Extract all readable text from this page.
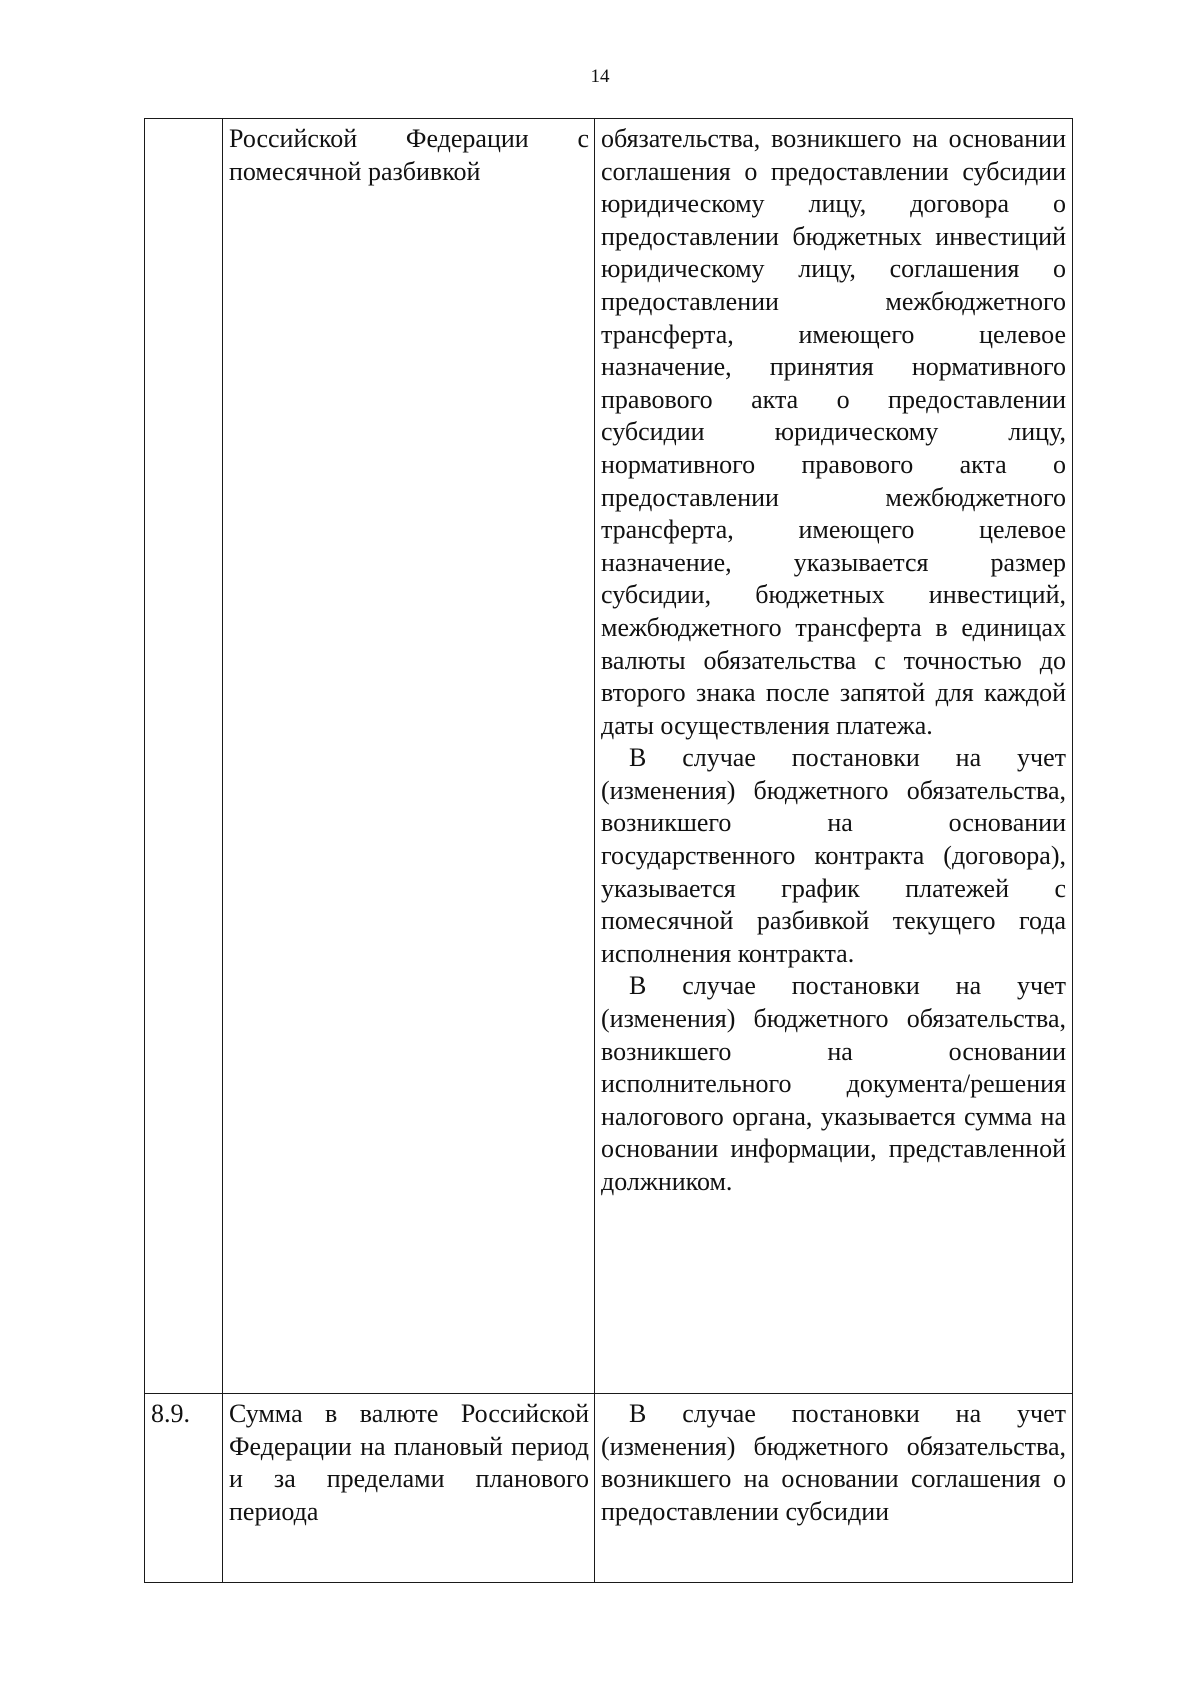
14
	Российской Федерации с помесячной разбивкой	обязательства, возникшего на основании соглашения о предоставлении субсидии юридическому лицу, договора о предоставлении бюджетных инвестиций юридическому лицу, соглашения о предоставлении межбюджетного трансферта, имеющего целевое назначение, принятия нормативного правового акта о предоставлении субсидии юридическому лицу, нормативного правового акта о предоставлении межбюджетного трансферта, имеющего целевое назначение, указывается размер субсидии, бюджетных инвестиций, межбюджетного трансферта в единицах валюты обязательства с точностью до второго знака после запятой для каждой даты осуществления платежа.

В случае постановки на учет (изменения) бюджетного обязательства, возникшего на основании государственного контракта (договора), указывается график платежей с помесячной разбивкой текущего года исполнения контракта.

В случае постановки на учет (изменения) бюджетного обязательства, возникшего на основании исполнительного документа/решения налогового органа, указывается сумма на основании информации, представленной должником.

8.9.	Сумма в валюте Российской Федерации на плановый период и за пределами планового периода	В случае постановки на учет (изменения) бюджетного обязательства, возникшего на основании соглашения о предоставлении субсидии
